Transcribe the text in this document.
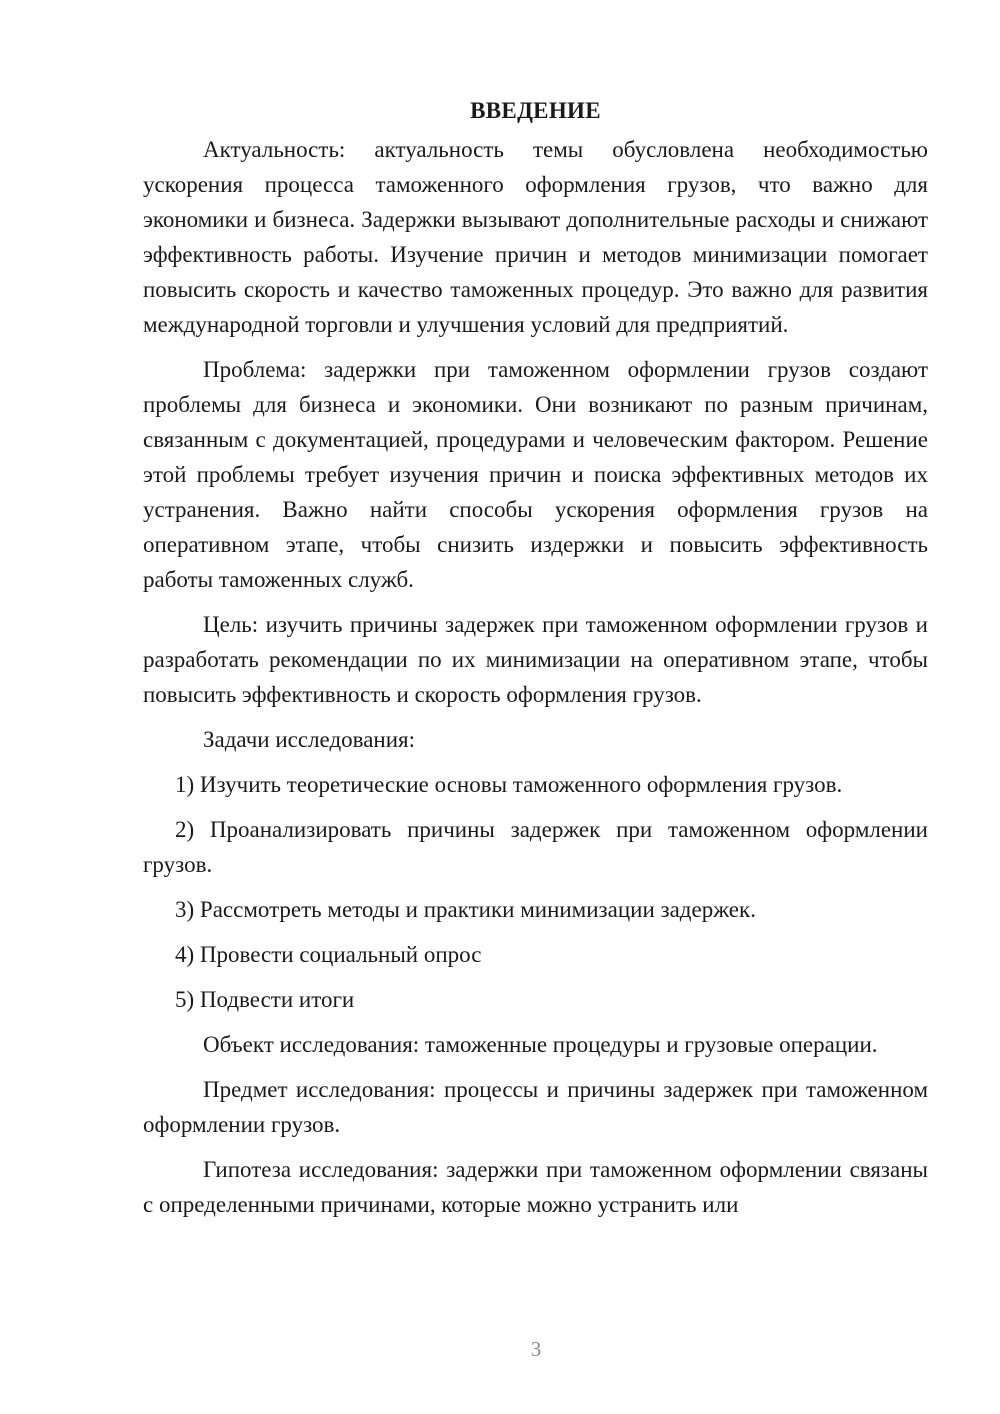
ВВЕДЕНИЕ

Актуальность: актуальность темы обусловлена необходимостью ускорения процесса таможенного оформления грузов, что важно для экономики и бизнеса. Задержки вызывают дополнительные расходы и снижают эффективность работы. Изучение причин и методов минимизации помогает повысить скорость и качество таможенных процедур. Это важно для развития международной торговли и улучшения условий для предприятий.

Проблема: задержки при таможенном оформлении грузов создают проблемы для бизнеса и экономики. Они возникают по разным причинам, связанным с документацией, процедурами и человеческим фактором. Решение этой проблемы требует изучения причин и поиска эффективных методов их устранения. Важно найти способы ускорения оформления грузов на оперативном этапе, чтобы снизить издержки и повысить эффективность работы таможенных служб.

Цель: изучить причины задержек при таможенном оформлении грузов и разработать рекомендации по их минимизации на оперативном этапе, чтобы повысить эффективность и скорость оформления грузов.

Задачи исследования:

1) Изучить теоретические основы таможенного оформления грузов.

2) Проанализировать причины задержек при таможенном оформлении грузов.

3) Рассмотреть методы и практики минимизации задержек.

4) Провести социальный опрос

5) Подвести итоги

Объект исследования: таможенные процедуры и грузовые операции.

Предмет исследования: процессы и причины задержек при таможенном оформлении грузов.

Гипотеза исследования: задержки при таможенном оформлении связаны с определенными причинами, которые можно устранить или

3
